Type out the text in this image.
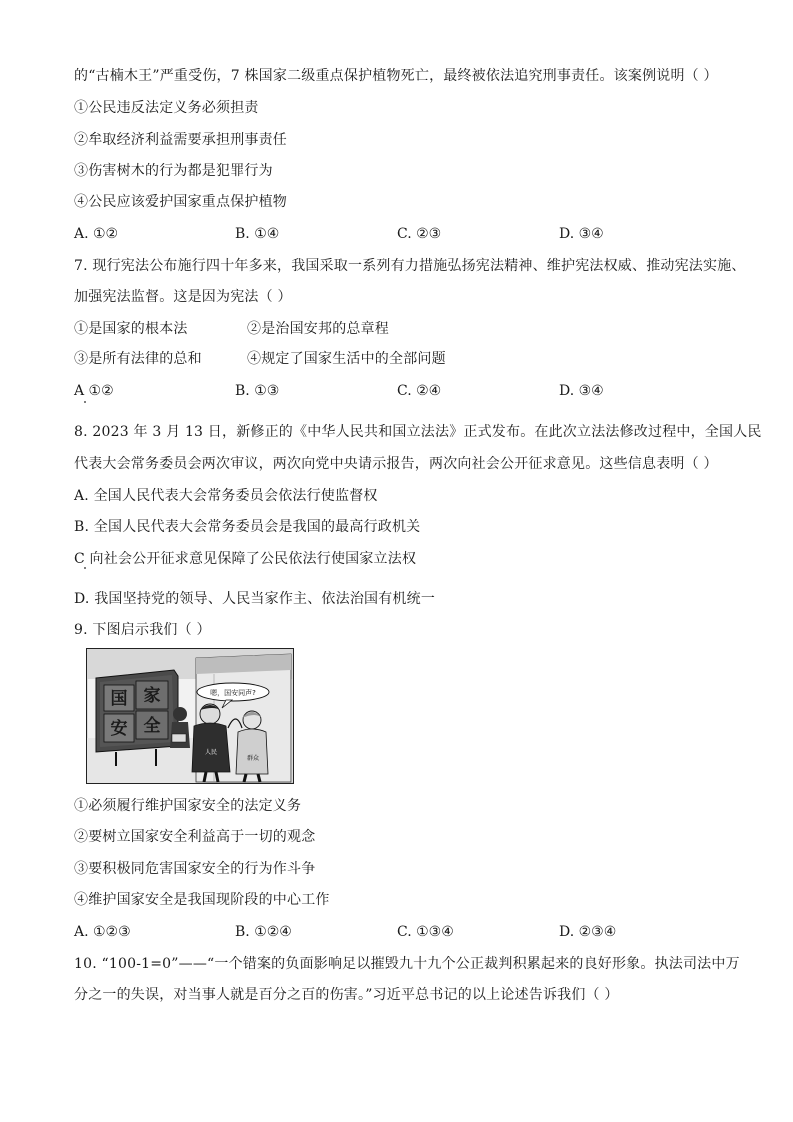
的“古楠木王”严重受伤，7 株国家二级重点保护植物死亡，最终被依法追究刑事责任。该案例说明（ ）
①公民违反法定义务必须担责
②牟取经济利益需要承担刑事责任
③伤害树木的行为都是犯罪行为
④公民应该爱护国家重点保护植物
A. ①②	B. ①④	C. ②③	D. ③④
7. 现行宪法公布施行四十年多来，我国采取一系列有力措施弘扬宪法精神、维护宪法权威、推动宪法实施、
加强宪法监督。这是因为宪法（ ）
①是国家的根本法	②是治国安邦的总章程
③是所有法律的总和	④规定了国家生活中的全部问题
A ①②	B. ①③	C. ②④	D. ③④
8. 2023 年 3 月 13 日，新修正的《中华人民共和国立法法》正式发布。在此次立法法修改过程中，全国人民
代表大会常务委员会两次审议，两次向党中央请示报告，两次向社会公开征求意见。这些信息表明（ ）
A. 全国人民代表大会常务委员会依法行使监督权
B. 全国人民代表大会常务委员会是我国的最高行政机关
C 向社会公开征求意见保障了公民依法行使国家立法权
D. 我国坚持党的领导、人民当家作主、依法治国有机统一
9. 下图启示我们（ ）
国 家
安 全
嗯，国安同声?
人民
群众
①必须履行维护国家安全的法定义务
②要树立国家安全利益高于一切的观念
③要积极同危害国家安全的行为作斗争
④维护国家安全是我国现阶段的中心工作
A. ①②③	B. ①②④	C. ①③④	D. ②③④
10. “100-1=0”——“一个错案的负面影响足以摧毁九十九个公正裁判积累起来的良好形象。执法司法中万
分之一的失误，对当事人就是百分之百的伤害。”习近平总书记的以上论述告诉我们（ ）
